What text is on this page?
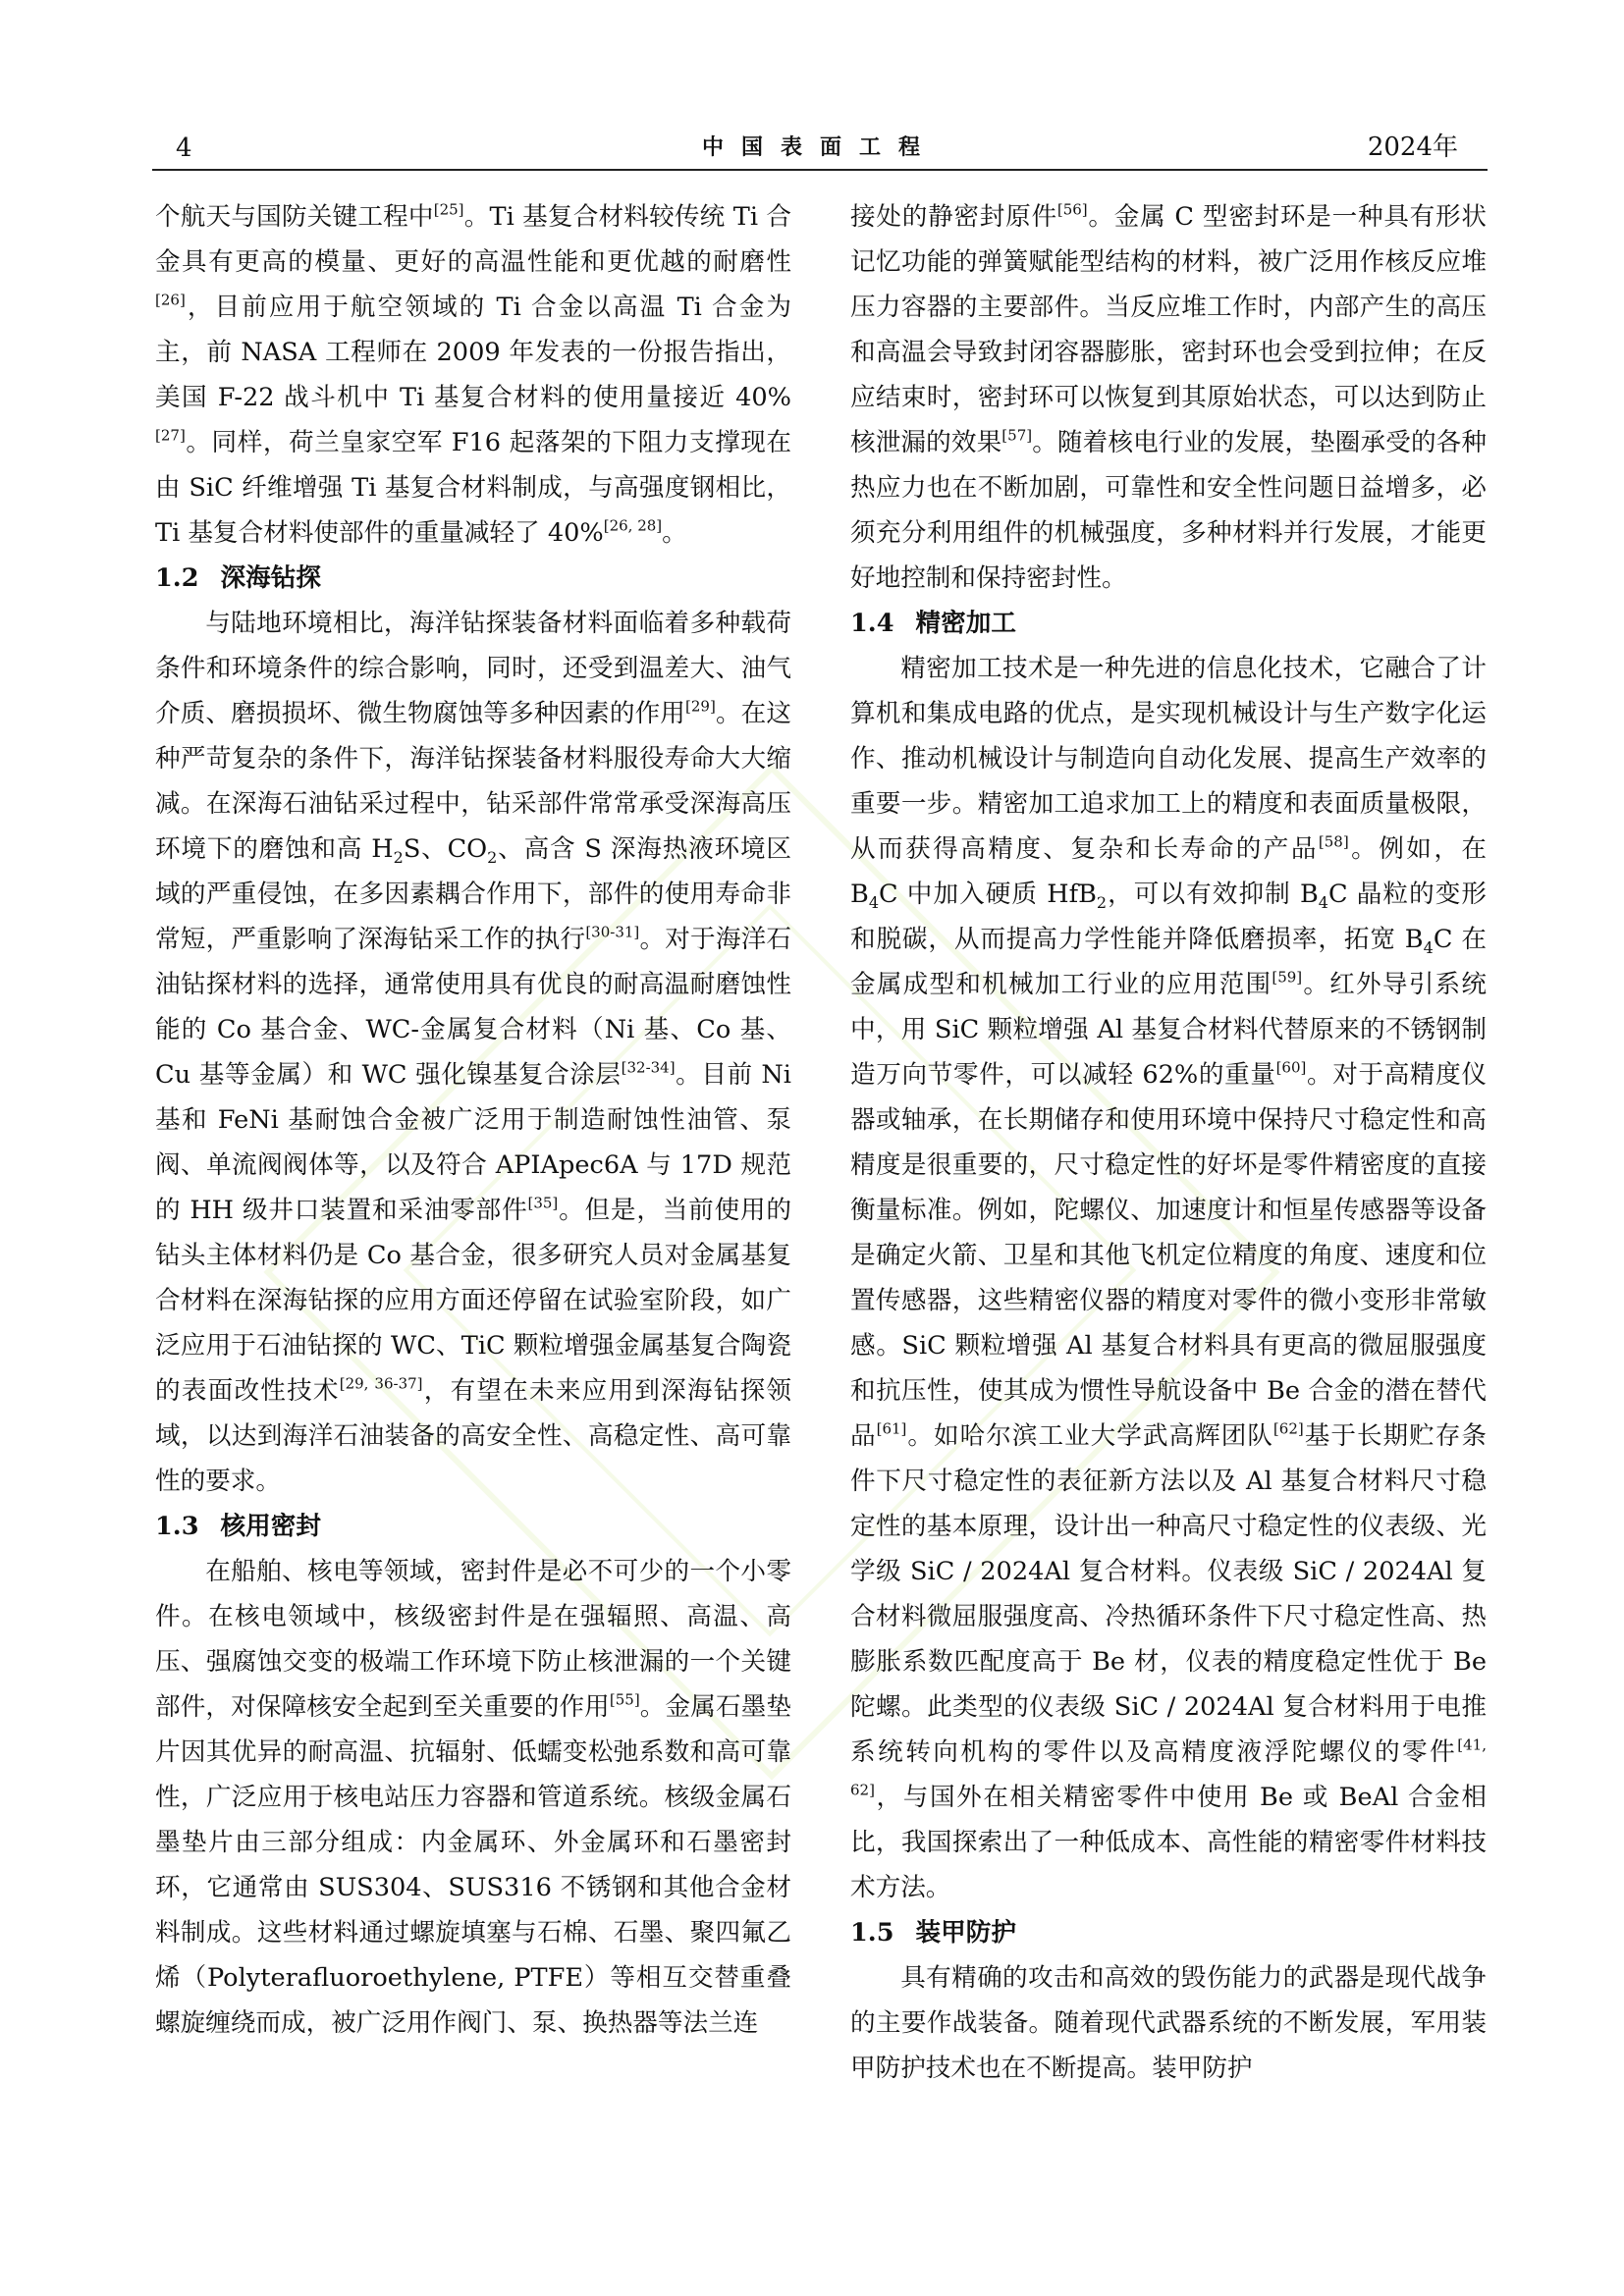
4	中国表面工程	2024年

个航天与国防关键工程中[25]。Ti 基复合材料较传统 Ti 合金具有更高的模量、更好的高温性能和更优越的耐磨性[26]，目前应用于航空领域的 Ti 合金以高温 Ti 合金为主，前 NASA 工程师在 2009 年发表的一份报告指出，美国 F-22 战斗机中 Ti 基复合材料的使用量接近 40%[27]。同样，荷兰皇家空军 F16 起落架的下阻力支撑现在由 SiC 纤维增强 Ti 基复合材料制成，与高强度钢相比，Ti 基复合材料使部件的重量减轻了 40%[26, 28]。

1.2 深海钻探

与陆地环境相比，海洋钻探装备材料面临着多种载荷条件和环境条件的综合影响，同时，还受到温差大、油气介质、磨损损坏、微生物腐蚀等多种因素的作用[29]。在这种严苛复杂的条件下，海洋钻探装备材料服役寿命大大缩减。在深海石油钻采过程中，钻采部件常常承受深海高压环境下的磨蚀和高 $H_2S$、$CO_2$、高含 S 深海热液环境区域的严重侵蚀，在多因素耦合作用下，部件的使用寿命非常短，严重影响了深海钻采工作的执行[30-31]。对于海洋石油钻探材料的选择，通常使用具有优良的耐高温耐磨蚀性能的 Co 基合金、WC-金属复合材料（Ni 基、Co 基、Cu 基等金属）和 WC 强化镍基复合涂层[32-34]。目前 Ni 基和 FeNi 基耐蚀合金被广泛用于制造耐蚀性油管、泵阀、单流阀阀体等，以及符合 APIApec6A 与 17D 规范的 HH 级井口装置和采油零部件[35]。但是，当前使用的钻头主体材料仍是 Co 基合金，很多研究人员对金属基复合材料在深海钻探的应用方面还停留在试验室阶段，如广泛应用于石油钻探的 WC、TiC 颗粒增强金属基复合陶瓷的表面改性技术[29, 36-37]，有望在未来应用到深海钻探领域，以达到海洋石油装备的高安全性、高稳定性、高可靠性的要求。

1.3 核用密封

在船舶、核电等领域，密封件是必不可少的一个小零件。在核电领域中，核级密封件是在强辐照、高温、高压、强腐蚀交变的极端工作环境下防止核泄漏的一个关键部件，对保障核安全起到至关重要的作用[55]。金属石墨垫片因其优异的耐高温、抗辐射、低蠕变松弛系数和高可靠性，广泛应用于核电站压力容器和管道系统。核级金属石墨垫片由三部分组成：内金属环、外金属环和石墨密封环，它通常由 SUS304、SUS316 不锈钢和其他合金材料制成。这些材料通过螺旋填塞与石棉、石墨、聚四氟乙烯（Polyterafluoroethylene, PTFE）等相互交替重叠螺旋缠绕而成，被广泛用作阀门、泵、换热器等法兰连

接处的静密封原件[56]。金属 C 型密封环是一种具有形状记忆功能的弹簧赋能型结构的材料，被广泛用作核反应堆压力容器的主要部件。当反应堆工作时，内部产生的高压和高温会导致封闭容器膨胀，密封环也会受到拉伸；在反应结束时，密封环可以恢复到其原始状态，可以达到防止核泄漏的效果[57]。随着核电行业的发展，垫圈承受的各种热应力也在不断加剧，可靠性和安全性问题日益增多，必须充分利用组件的机械强度，多种材料并行发展，才能更好地控制和保持密封性。

1.4 精密加工

精密加工技术是一种先进的信息化技术，它融合了计算机和集成电路的优点，是实现机械设计与生产数字化运作、推动机械设计与制造向自动化发展、提高生产效率的重要一步。精密加工追求加工上的精度和表面质量极限，从而获得高精度、复杂和长寿命的产品[58]。例如，在 $B_4C$ 中加入硬质 HfB$_2$，可以有效抑制 $B_4C$ 晶粒的变形和脱碳，从而提高力学性能并降低磨损率，拓宽 $B_4C$ 在金属成型和机械加工行业的应用范围[59]。红外导引系统中，用 SiC 颗粒增强 Al 基复合材料代替原来的不锈钢制造万向节零件，可以减轻 62%的重量[60]。对于高精度仪器或轴承，在长期储存和使用环境中保持尺寸稳定性和高精度是很重要的，尺寸稳定性的好坏是零件精密度的直接衡量标准。例如，陀螺仪、加速度计和恒星传感器等设备是确定火箭、卫星和其他飞机定位精度的角度、速度和位置传感器，这些精密仪器的精度对零件的微小变形非常敏感。SiC 颗粒增强 Al 基复合材料具有更高的微屈服强度和抗压性，使其成为惯性导航设备中 Be 合金的潜在替代品[61]。如哈尔滨工业大学武高辉团队[62]基于长期贮存条件下尺寸稳定性的表征新方法以及 Al 基复合材料尺寸稳定性的基本原理，设计出一种高尺寸稳定性的仪表级、光学级 SiC / 2024Al 复合材料。仪表级 SiC / 2024Al 复合材料微屈服强度高、冷热循环条件下尺寸稳定性高、热膨胀系数匹配度高于 Be 材，仪表的精度稳定性优于 Be 陀螺。此类型的仪表级 SiC / 2024Al 复合材料用于电推系统转向机构的零件以及高精度液浮陀螺仪的零件[41, 62]，与国外在相关精密零件中使用 Be 或 BeAl 合金相比，我国探索出了一种低成本、高性能的精密零件材料技术方法。

1.5 装甲防护

具有精确的攻击和高效的毁伤能力的武器是现代战争的主要作战装备。随着现代武器系统的不断发展，军用装甲防护技术也在不断提高。装甲防护
